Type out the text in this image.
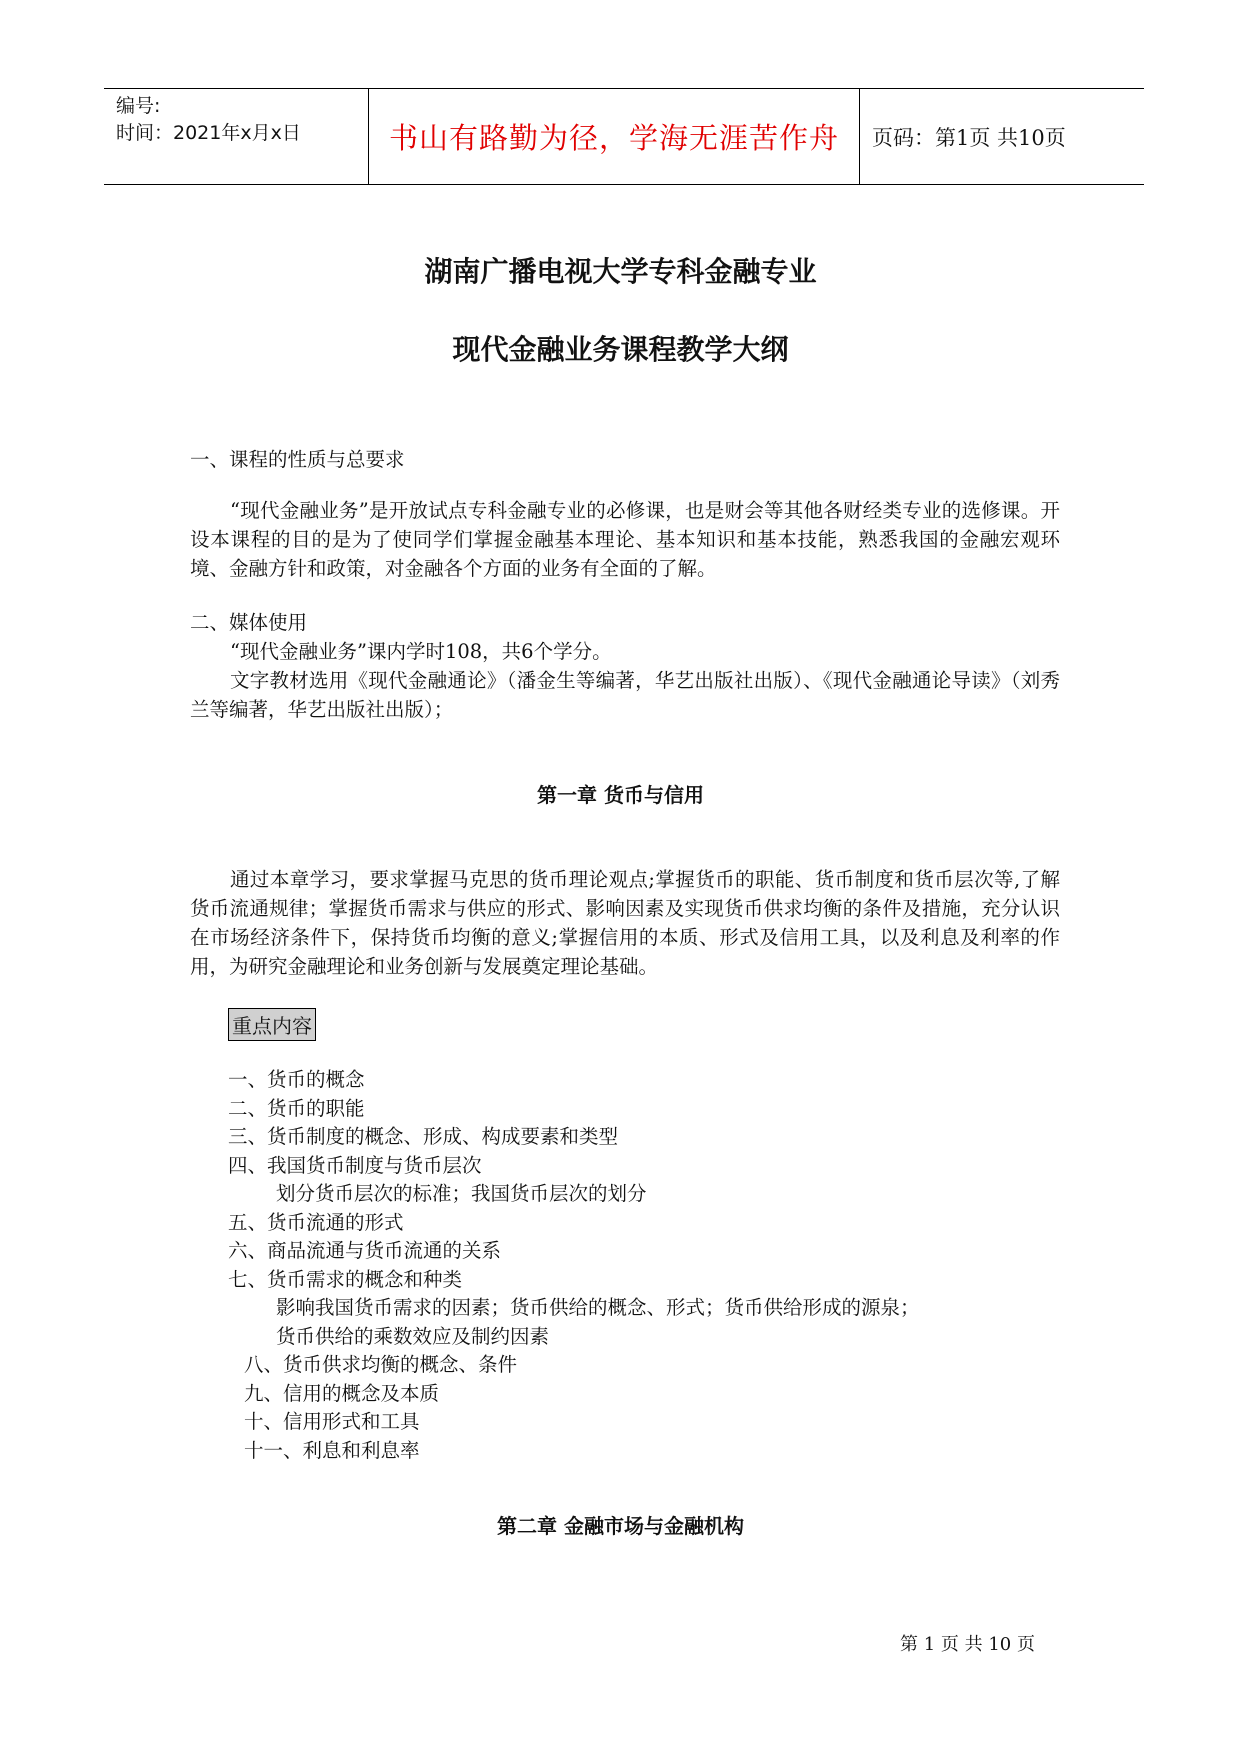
编号:
时间：2021年x月x日	书山有路勤为径，学海无涯苦作舟	页码：第1页 共10页
湖南广播电视大学专科金融专业
现代金融业务课程教学大纲
一、课程的性质与总要求
“现代金融业务”是开放试点专科金融专业的必修课，也是财会等其他各财经类专业的选修课。开设本课程的目的是为了使同学们掌握金融基本理论、基本知识和基本技能，熟悉我国的金融宏观环境、金融方针和政策，对金融各个方面的业务有全面的了解。
二、媒体使用
“现代金融业务”课内学时108，共6个学分。
文字教材选用《现代金融通论》（潘金生等编著，华艺出版社出版）、《现代金融通论导读》（刘秀兰等编著，华艺出版社出版）；
第一章 货币与信用
通过本章学习，要求掌握马克思的货币理论观点;掌握货币的职能、货币制度和货币层次等,了解货币流通规律；掌握货币需求与供应的形式、影响因素及实现货币供求均衡的条件及措施，充分认识在市场经济条件下，保持货币均衡的意义;掌握信用的本质、形式及信用工具，以及利息及利率的作用，为研究金融理论和业务创新与发展奠定理论基础。
重点内容
一、货币的概念
二、货币的职能
三、货币制度的概念、形成、构成要素和类型
四、我国货币制度与货币层次
划分货币层次的标准；我国货币层次的划分
五、货币流通的形式
六、商品流通与货币流通的关系
七、货币需求的概念和种类
影响我国货币需求的因素；货币供给的概念、形式；货币供给形成的源泉；
货币供给的乘数效应及制约因素
八、货币供求均衡的概念、条件
九、信用的概念及本质
十、信用形式和工具
十一、利息和利息率
第二章 金融市场与金融机构
第 1 页 共 10 页
